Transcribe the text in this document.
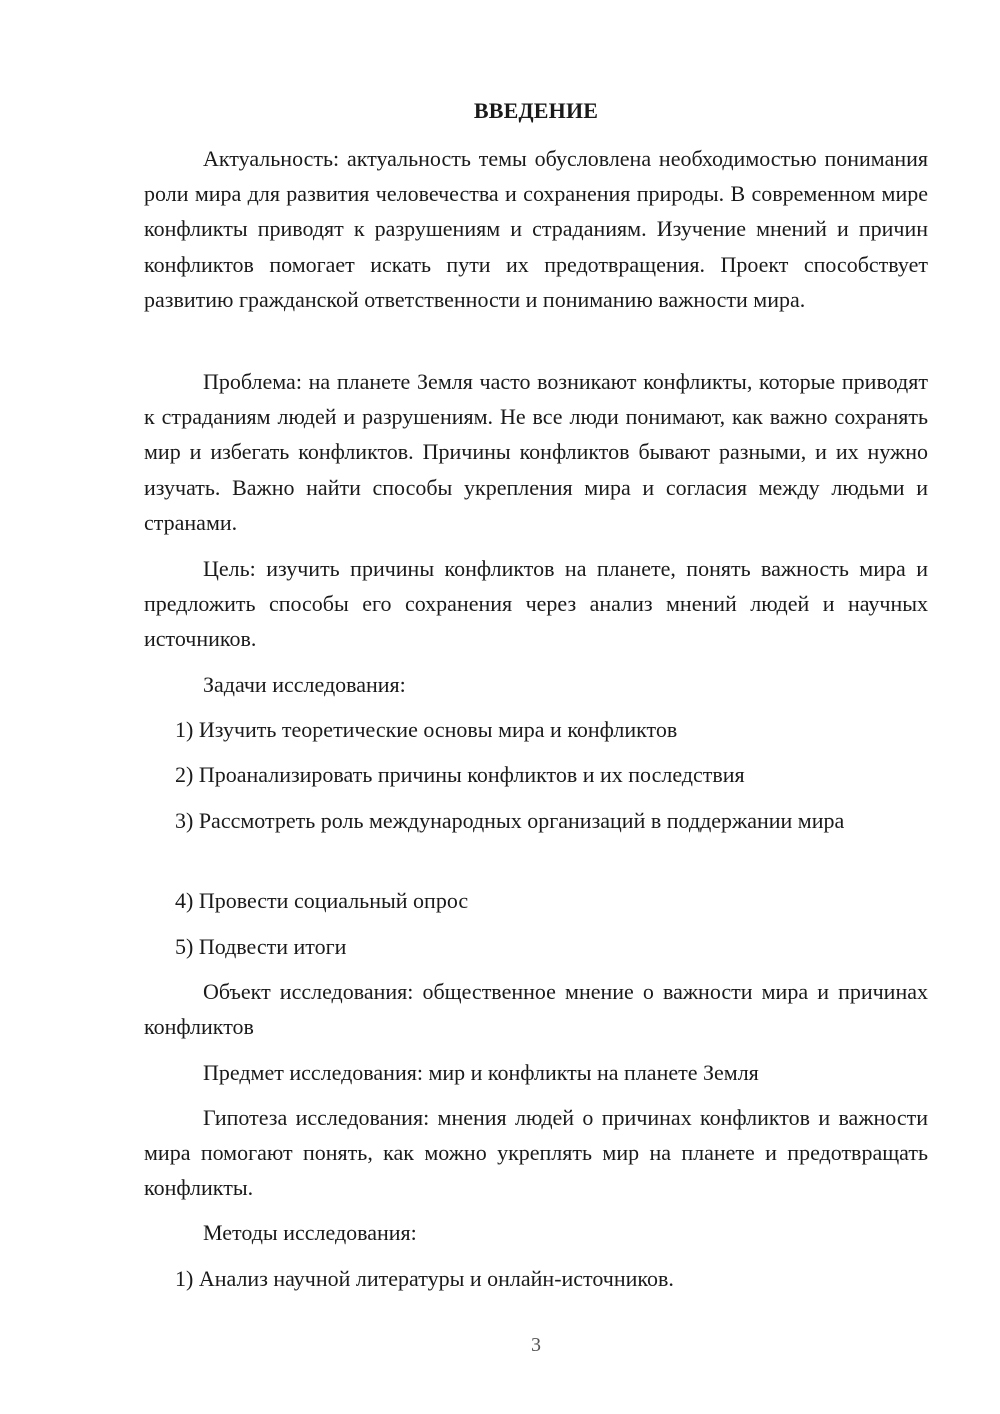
ВВЕДЕНИЕ

Актуальность: актуальность темы обусловлена необходимостью понимания роли мира для развития человечества и сохранения природы. В современном мире конфликты приводят к разрушениям и страданиям. Изучение мнений и причин конфликтов помогает искать пути их предотвращения. Проект способствует развитию гражданской ответственности и пониманию важности мира.

Проблема: на планете Земля часто возникают конфликты, которые приводят к страданиям людей и разрушениям. Не все люди понимают, как важно сохранять мир и избегать конфликтов. Причины конфликтов бывают разными, и их нужно изучать. Важно найти способы укрепления мира и согласия между людьми и странами.

Цель: изучить причины конфликтов на планете, понять важность мира и предложить способы его сохранения через анализ мнений людей и научных источников.

Задачи исследования:

1) Изучить теоретические основы мира и конфликтов

2) Проанализировать причины конфликтов и их последствия

3) Рассмотреть роль международных организаций в поддержании мира

4) Провести социальный опрос

5) Подвести итоги

Объект исследования: общественное мнение о важности мира и причинах конфликтов

Предмет исследования: мир и конфликты на планете Земля

Гипотеза исследования: мнения людей о причинах конфликтов и важности мира помогают понять, как можно укреплять мир на планете и предотвращать конфликты.

Методы исследования:

1) Анализ научной литературы и онлайн-источников.

3
